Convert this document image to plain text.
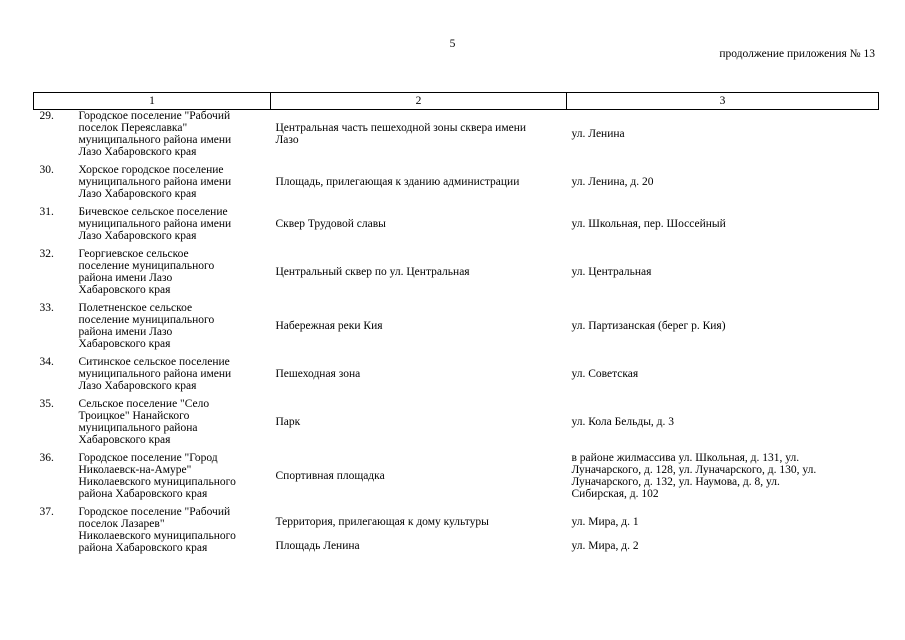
5
продолжение приложения № 13
1	2	3

29. Городское поселение "Рабочий
поселок Переяславка"
муниципального района имени
Лазо Хабаровского края	Центральная часть пешеходной зоны сквера имени
Лазо	ул. Ленина

30. Хорское городское поселение
муниципального района имени
Лазо Хабаровского края	Площадь, прилегающая к зданию администрации	ул. Ленина, д. 20

31. Бичевское сельское поселение
муниципального района имени
Лазо Хабаровского края	Сквер Трудовой славы	ул. Школьная, пер. Шоссейный

32. Георгиевское сельское
поселение муниципального
района имени Лазо
Хабаровского края	Центральный сквер по ул. Центральная	ул. Центральная

33. Полетненское сельское
поселение муниципального
района имени Лазо
Хабаровского края	Набережная реки Кия	ул. Партизанская (берег р. Кия)

34. Ситинское сельское поселение
муниципального района имени
Лазо Хабаровского края	Пешеходная зона	ул. Советская

35. Сельское поселение "Село
Троицкое" Нанайского
муниципального района
Хабаровского края	Парк	ул. Кола Бельды, д. 3

36. Городское поселение "Город
Николаевск-на-Амуре"
Николаевского муниципального
района Хабаровского края	Спортивная площадка	в районе жилмассива ул. Школьная, д. 131, ул.
Луначарского, д. 128, ул. Луначарского, д. 130, ул.
Луначарского, д. 132, ул. Наумова, д. 8, ул.
Сибирская, д. 102

37. Городское поселение "Рабочий
поселок Лазарев"
Николаевского муниципального
района Хабаровского края	Территория, прилегающая к дому культуры	ул. Мира, д. 1
	Площадь Ленина	ул. Мира, д. 2
